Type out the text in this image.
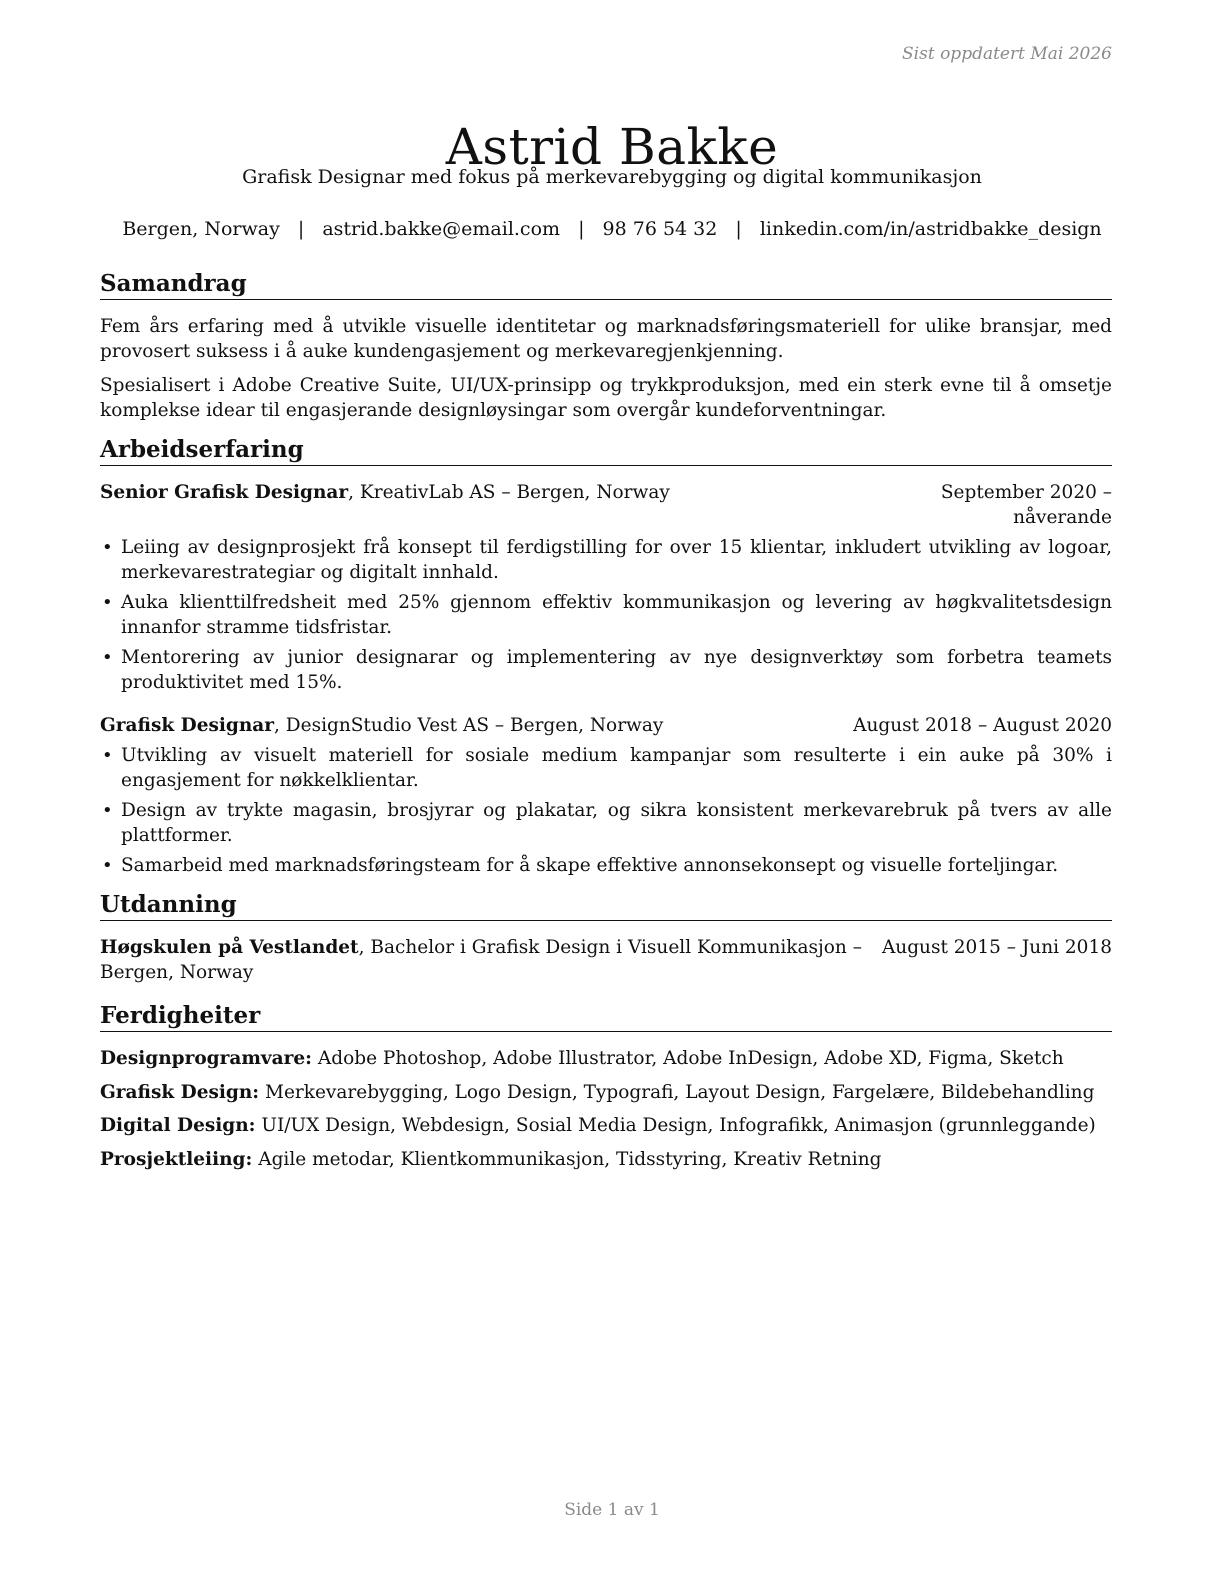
Sist oppdatert Mai 2026
Astrid Bakke
Grafisk Designar med fokus på merkevarebygging og digital kommunikasjon
Bergen, Norway | astrid.bakke@email.com | 98 76 54 32 | linkedin.com/in/astridbakke_design
Samandrag

Fem års erfaring med å utvikle visuelle identitetar og marknadsføringsmateriell for ulike bransjar, med provosert suksess i å auke kundengasjement og merkevaregjenkjenning.

Spesialisert i Adobe Creative Suite, UI/UX-prinsipp og trykkproduksjon, med ein sterk evne til å omsetje komplekse idear til engasjerande designløysingar som overgår kundeforventningar.

Arbeidserfaring
Senior Grafisk Designar, KreativLab AS – Bergen, Norway	September 2020 – nåverande
• Leiing av designprosjekt frå konsept til ferdigstilling for over 15 klientar, inkludert utvikling av logoar, merkevarestrategiar og digitalt innhald.
• Auka klienttilfredsheit med 25% gjennom effektiv kommunikasjon og levering av høgkvalitetsdesign innanfor stramme tidsfristar.
• Mentorering av junior designarar og implementering av nye designverktøy som forbetra teamets produktivitet med 15%.
Grafisk Designar, DesignStudio Vest AS – Bergen, Norway	August 2018 – August 2020
• Utvikling av visuelt materiell for sosiale medium kampanjar som resulterte i ein auke på 30% i engasjement for nøkkelklientar.
• Design av trykte magasin, brosjyrar og plakatar, og sikra konsistent merkevarebruk på tvers av alle plattformer.
• Samarbeid med marknadsføringsteam for å skape effektive annonsekonsept og visuelle forteljingar.
Utdanning
Høgskulen på Vestlandet, Bachelor i Grafisk Design i Visuell Kommunikasjon – Bergen, Norway
August 2015 – Juni 2018
Ferdigheiter
Designprogramvare: Adobe Photoshop, Adobe Illustrator, Adobe InDesign, Adobe XD, Figma, Sketch
Grafisk Design: Merkevarebygging, Logo Design, Typografi, Layout Design, Fargelære, Bildebehandling
Digital Design: UI/UX Design, Webdesign, Sosial Media Design, Infografikk, Animasjon (grunnleggande)
Prosjektleiing: Agile metodar, Klientkommunikasjon, Tidsstyring, Kreativ Retning
Side 1 av 1
